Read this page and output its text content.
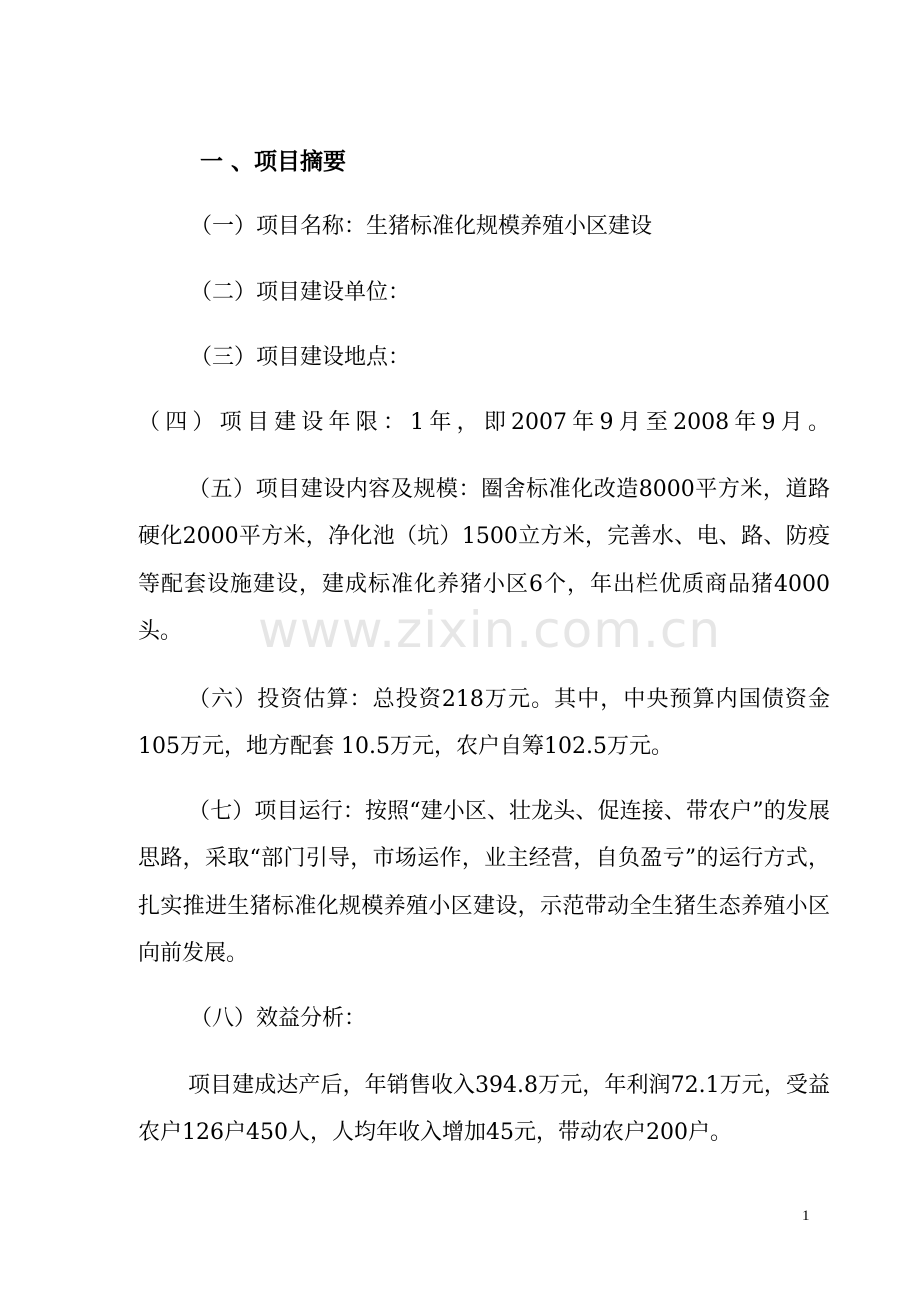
一 、项目摘要
（一）项目名称：生猪标准化规模养殖小区建设
（二）项目建设单位：
（三）项目建设地点：
（四）项目建设年限：1年，即2007年9月至2008年9月。

（五）项目建设内容及规模：圈舍标准化改造8000平方米，道路硬化2000平方米，净化池（坑）1500立方米，完善水、电、路、防疫等配套设施建设，建成标准化养猪小区6个，年出栏优质商品猪4000头。

（六）投资估算：总投资218万元。其中，中央预算内国债资金105万元，地方配套 10.5万元，农户自筹102.5万元。

（七）项目运行：按照“建小区、壮龙头、促连接、带农户”的发展思路，采取“部门引导，市场运作，业主经营，自负盈亏”的运行方式，扎实推进生猪标准化规模养殖小区建设，示范带动全生猪生态养殖小区向前发展。

（八）效益分析：

项目建成达产后，年销售收入394.8万元，年利润72.1万元，受益农户126户450人，人均年收入增加45元，带动农户200户。

www.zixin.com.cn
1
